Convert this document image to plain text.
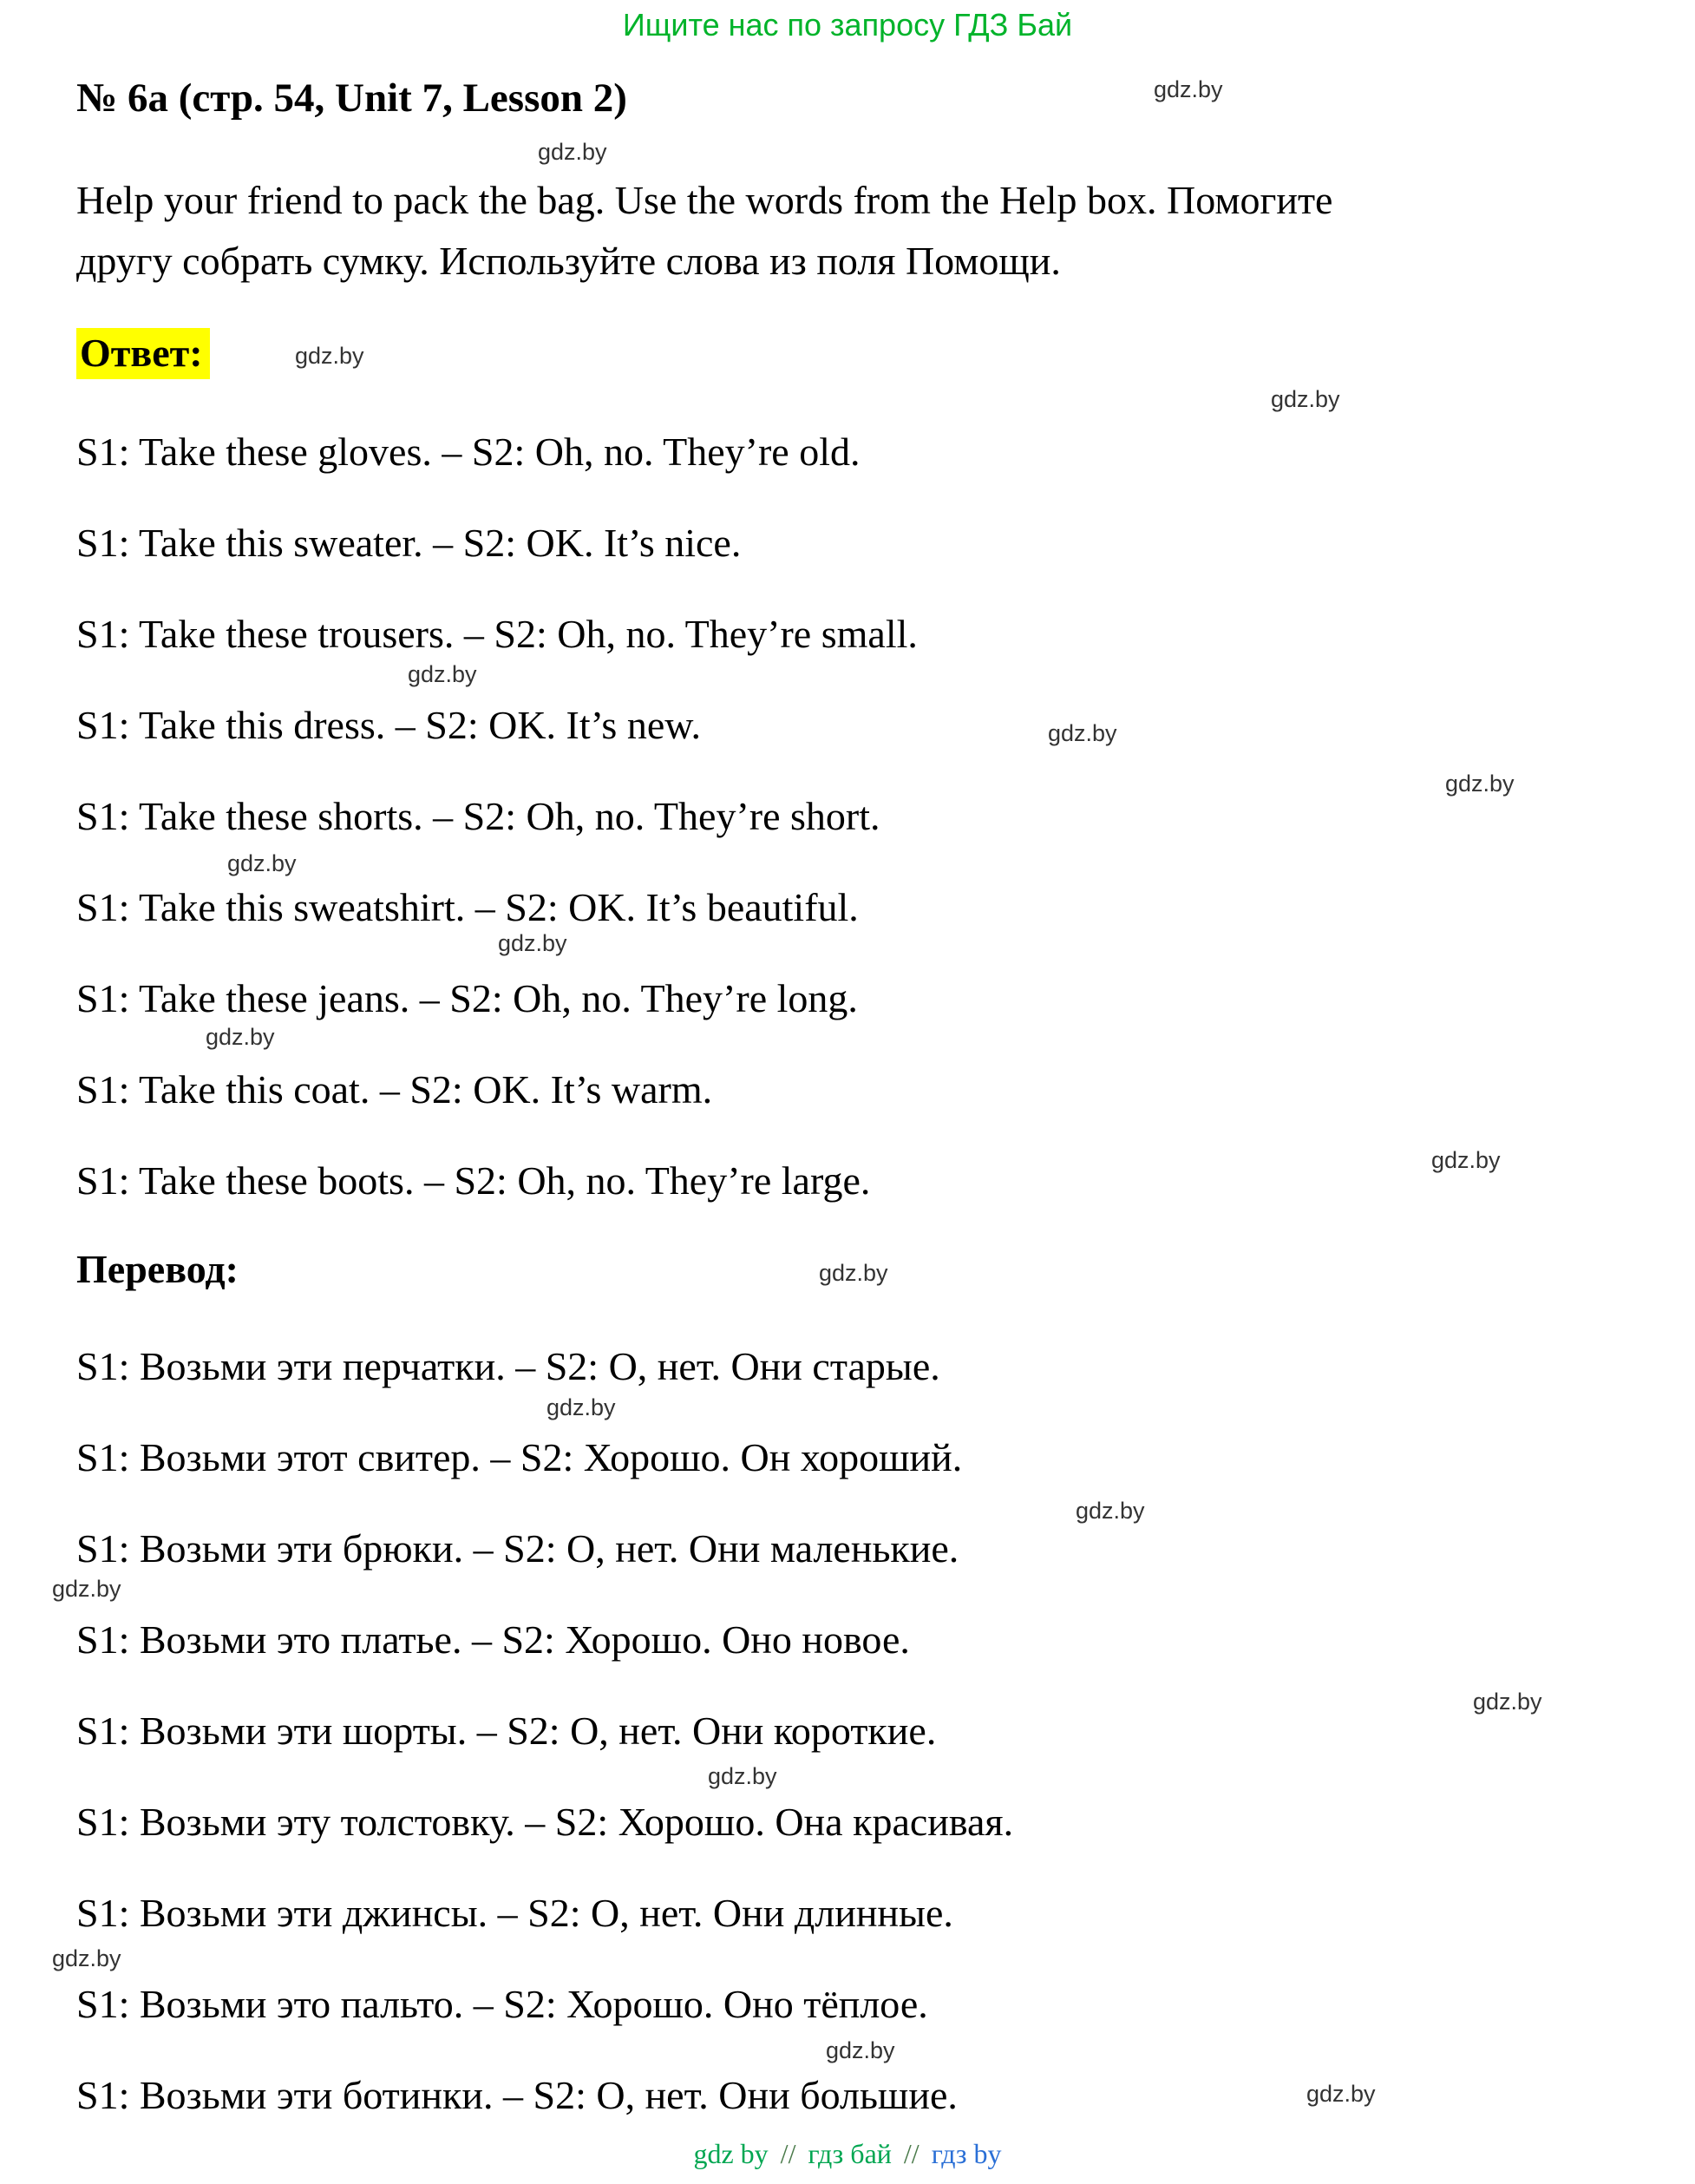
Ищите нас по запросу ГДЗ Бай
№ 6а (стр. 54, Unit 7, Lesson 2)
Help your friend to pack the bag. Use the words from the Help box. Помогите
другу собрать сумку. Используйте слова из поля Помощи.
Ответ:
S1: Take these gloves. – S2: Oh, no. They’re old.
S1: Take this sweater. – S2: OK. It’s nice.
S1: Take these trousers. – S2: Oh, no. They’re small.
S1: Take this dress. – S2: OK. It’s new.
S1: Take these shorts. – S2: Oh, no. They’re short.
S1: Take this sweatshirt. – S2: OK. It’s beautiful.
S1: Take these jeans. – S2: Oh, no. They’re long.
S1: Take this coat. – S2: OK. It’s warm.
S1: Take these boots. – S2: Oh, no. They’re large.
Перевод:
S1: Возьми эти перчатки. – S2: О, нет. Они старые.
S1: Возьми этот свитер. – S2: Хорошо. Он хороший.
S1: Возьми эти брюки. – S2: О, нет. Они маленькие.
S1: Возьми это платье. – S2: Хорошо. Оно новое.
S1: Возьми эти шорты. – S2: О, нет. Они короткие.
S1: Возьми эту толстовку. – S2: Хорошо. Она красивая.
S1: Возьми эти джинсы. – S2: О, нет. Они длинные.
S1: Возьми это пальто. – S2: Хорошо. Оно тёплое.
S1: Возьми эти ботинки. – S2: О, нет. Они большие.
gdz.by
gdz.by
gdz.by
gdz.by
gdz.by
gdz.by
gdz.by
gdz.by
gdz.by
gdz.by
gdz.by
gdz.by
gdz.by
gdz.by
gdz.by
gdz.by
gdz.by
gdz.by
gdz.by
gdz.by
gdz by // гдз бай // гдз by
